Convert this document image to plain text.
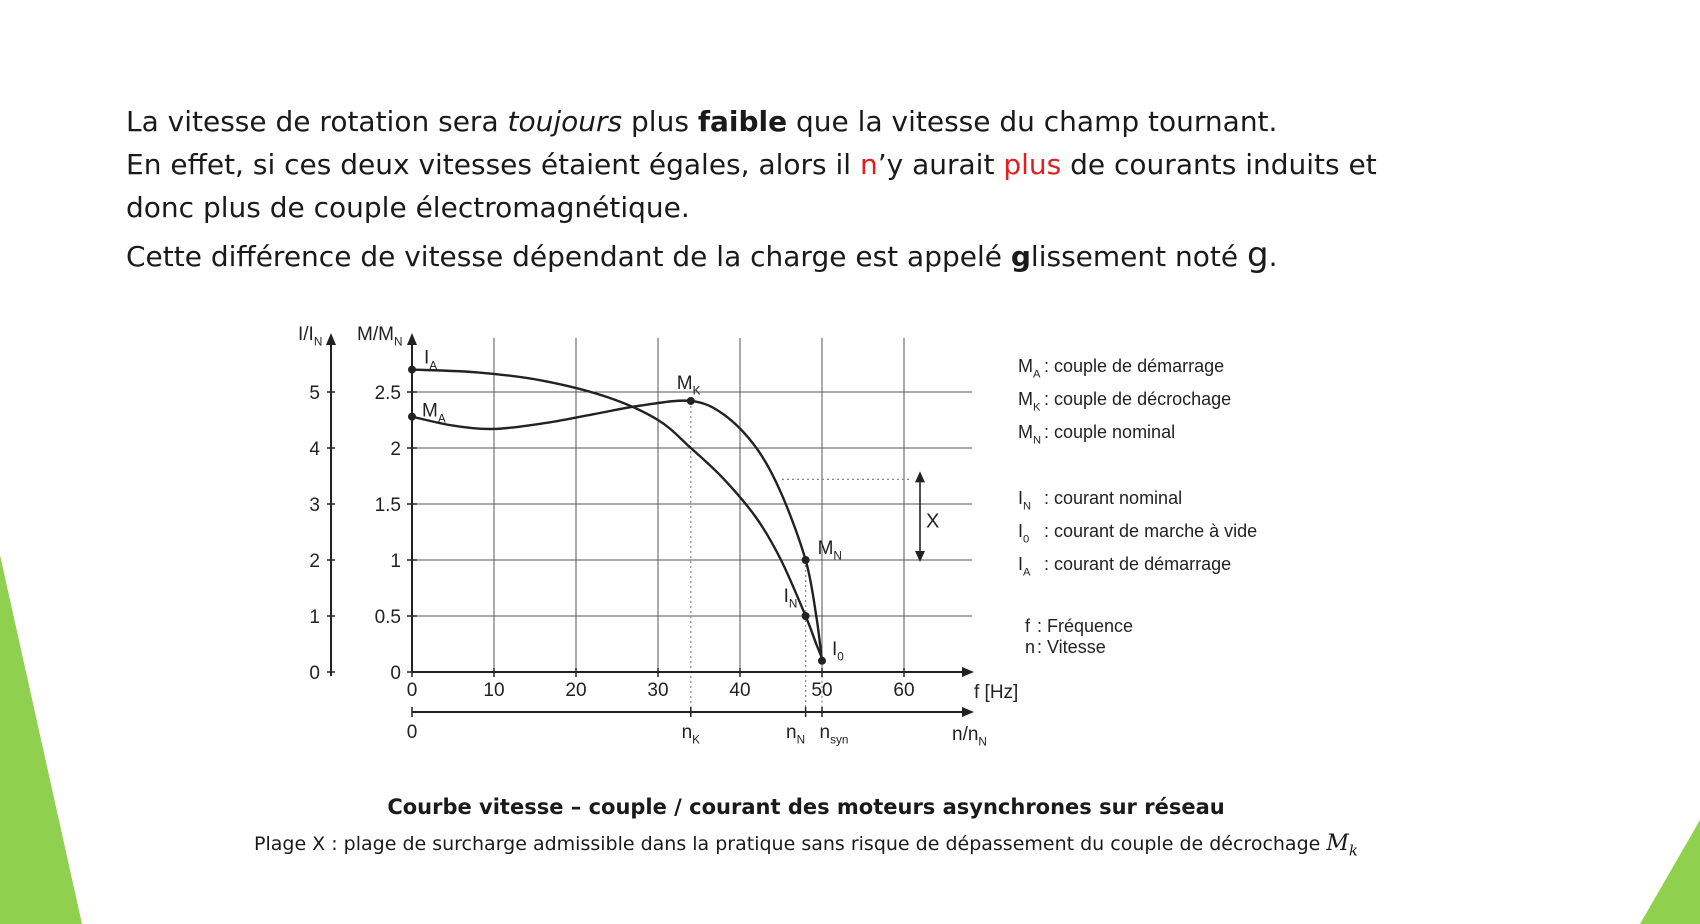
La vitesse de rotation sera toujours plus faible que la vitesse du champ tournant.

En effet, si ces deux vitesses étaient égales, alors il n’y aurait plus de courants induits et

donc plus de couple électromagnétique.

Cette différence de vitesse dépendant de la charge est appelé glissement noté g.

0
0.5
1
1.5
2
2.5
0
1
2
3
4
5
0	10	20	30	40	50	60	f [Hz]
0	$n_K$	$n_N$ $n_{syn}$	$n/n_N$
$I/I_N$ $M/M_N$
$I_A$
$M_A$
$M_K$
$M_N$
$I_N$
$I_0$
X
$M_A$ : couple de démarrage
$M_K$ : couple de décrochage
$M_N$ : couple nominal
$I_N$ : courant nominal
$I_0$ : courant de marche à vide
$I_A$ : courant de démarrage
f : Fréquence
n : Vitesse
Courbe vitesse – couple / courant des moteurs asynchrones sur réseau
Plage X : plage de surcharge admissible dans la pratique sans risque de dépassement du couple de décrochage $M_k$
